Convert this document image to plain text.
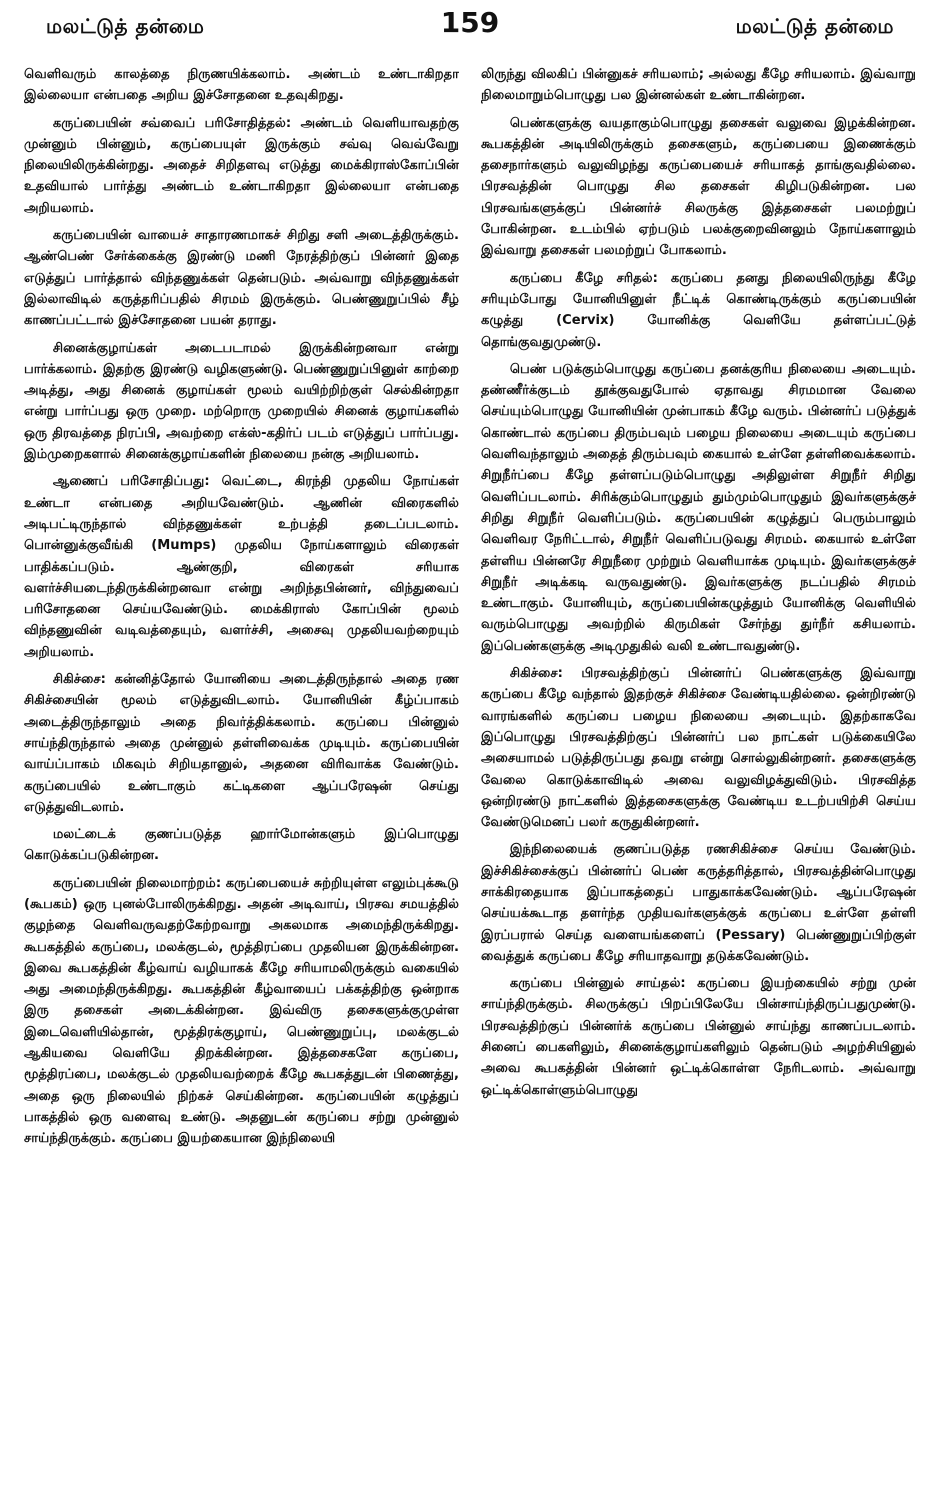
மலட்டுத் தன்மை	159	மலட்டுத் தன்மை

வெளிவரும் காலத்தை நிருணயிக்கலாம். அண்டம் உண்டாகிறதா இல்லையா என்பதை அறிய இச்சோதனை உதவுகிறது.

கருப்பையின் சவ்வைப் பரிசோதித்தல்: அண்டம் வெளியாவதற்கு முன்னும் பின்னும், கருப்பையுள் இருக்கும் சவ்வு வெவ்வேறு நிலையிலிருக்கின்றது. அதைச் சிறிதளவு எடுத்து மைக்கிராஸ்கோப்பின் உதவியால் பார்த்து அண்டம் உண்டாகிறதா இல்லையா என்பதை அறியலாம்.

கருப்பையின் வாயைச் சாதாரணமாகச் சிறிது சளி அடைத்திருக்கும். ஆண்பெண் சேர்க்கைக்கு இரண்டு மணி நேரத்திற்குப் பின்னர் இதை எடுத்துப் பார்த்தால் விந்தணுக்கள் தென்படும். அவ்வாறு விந்தணுக்கள் இல்லாவிடில் கருத்தரிப்பதில் சிரமம் இருக்கும். பெண்ணுறுப்பில் சீழ் காணப்பட்டால் இச்சோதனை பயன் தராது.

சினைக்குழாய்கள் அடைபடாமல் இருக்கின்றனவா என்று பார்க்கலாம். இதற்கு இரண்டு வழிகளுண்டு. பெண்ணுறுப்பினுள் காற்றை அடித்து, அது சினைக் குழாய்கள் மூலம் வயிற்றிற்குள் செல்கின்றதா என்று பார்ப்பது ஒரு முறை. மற்றொரு முறையில் சினைக் குழாய்களில் ஒரு திரவத்தை நிரப்பி, அவற்றை எக்ஸ்-கதிர்ப் படம் எடுத்துப் பார்ப்பது. இம்முறைகளால் சினைக்குழாய்களின் நிலையை நன்கு அறியலாம்.

ஆணைப் பரிசோதிப்பது: வெட்டை, கிரந்தி முதலிய நோய்கள் உண்டா என்பதை அறியவேண்டும். ஆணின் விரைகளில் அடிபட்டிருந்தால் விந்தணுக்கள் உற்பத்தி தடைப்படலாம். பொன்னுக்குவீங்கி (Mumps) முதலிய நோய்களாலும் விரைகள் பாதிக்கப்படும். ஆண்குறி, விரைகள் சரியாக வளர்ச்சியடைந்திருக்கின்றனவா என்று அறிந்தபின்னர், விந்துவைப் பரிசோதனை செய்யவேண்டும். மைக்கிராஸ் கோப்பின் மூலம் விந்தணுவின் வடிவத்தையும், வளர்ச்சி, அசைவு முதலியவற்றையும் அறியலாம்.

சிகிச்சை: கன்னித்தோல் யோனியை அடைத்திருந்தால் அதை ரண சிகிச்சையின் மூலம் எடுத்துவிடலாம். யோனியின் கீழ்ப்பாகம் அடைத்திருந்தாலும் அதை நிவர்த்திக்கலாம். கருப்பை பின்னுல் சாய்ந்திருந்தால் அதை முன்னுல் தள்ளிவைக்க முடியும். கருப்பையின் வாய்ப்பாகம் மிகவும் சிறியதானுல், அதனை விரிவாக்க வேண்டும். கருப்பையில் உண்டாகும் கட்டிகளை ஆப்பரேஷன் செய்து எடுத்துவிடலாம்.

மலட்டைக் குணப்படுத்த ஹார்மோன்களும் இப்பொழுது கொடுக்கப்படுகின்றன.

கருப்பையின் நிலைமாற்றம்: கருப்பையைச் சுற்றியுள்ள எலும்புக்கூடு (கூபகம்) ஒரு புனல்போலிருக்கிறது. அதன் அடிவாய், பிரசவ சமயத்தில் குழந்தை வெளிவருவதற்கேற்றவாறு அகலமாக அமைந்திருக்கிறது. கூபகத்தில் கருப்பை, மலக்குடல், மூத்திரப்பை முதலியன இருக்கின்றன. இவை கூபகத்தின் கீழ்வாய் வழியாகக் கீழே சரியாமலிருக்கும் வகையில் அது அமைந்திருக்கிறது. கூபகத்தின் கீழ்வாயைப் பக்கத்திற்கு ஒன்றாக இரு தசைகள் அடைக்கின்றன. இவ்விரு தசைகளுக்குமுள்ள இடைவெளியில்தான், மூத்திரக்குழாய், பெண்ணுறுப்பு, மலக்குடல் ஆகியவை வெளியே திறக்கின்றன. இத்தசைகளே கருப்பை, மூத்திரப்பை, மலக்குடல் முதலியவற்றைக் கீழே கூபகத்துடன் பிணைத்து, அதை ஒரு நிலையில் நிற்கச் செய்கின்றன. கருப்பையின் கழுத்துப் பாகத்தில் ஒரு வளைவு உண்டு. அதனுடன் கருப்பை சற்று முன்னுல் சாய்ந்திருக்கும். கருப்பை இயற்கையான இந்நிலையி

லிருந்து விலகிப் பின்னுகச் சரியலாம்; அல்லது கீழே சரியலாம். இவ்வாறு நிலைமாறும்பொழுது பல இன்னல்கள் உண்டாகின்றன.

பெண்களுக்கு வயதாகும்பொழுது தசைகள் வலுவை இழக்கின்றன. கூபகத்தின் அடியிலிருக்கும் தசைகளும், கருப்பையை இணைக்கும் தசைநார்களும் வலுவிழந்து கருப்பையைச் சரியாகத் தாங்குவதில்லை. பிரசவத்தின் பொழுது சில தசைகள் கிழிபடுகின்றன. பல பிரசவங்களுக்குப் பின்னர்ச் சிலருக்கு இத்தசைகள் பலமற்றுப் போகின்றன. உடம்பில் ஏற்படும் பலக்குறைவினலும் நோய்களாலும் இவ்வாறு தசைகள் பலமற்றுப் போகலாம்.

கருப்பை கீழே சரிதல்: கருப்பை தனது நிலையிலிருந்து கீழே சரியும்போது யோனியினுள் நீட்டிக் கொண்டிருக்கும் கருப்பையின் கழுத்து (Cervix) யோனிக்கு வெளியே தள்ளப்பட்டுத் தொங்குவதுமுண்டு.

பெண் படுக்கும்பொழுது கருப்பை தனக்குரிய நிலையை அடையும். தண்ணீர்க்குடம் தூக்குவதுபோல் ஏதாவது சிரமமான வேலை செய்யும்பொழுது யோனியின் முன்பாகம் கீழே வரும். பின்னர்ப் படுத்துக் கொண்டால் கருப்பை திரும்பவும் பழைய நிலையை அடையும் கருப்பை வெளிவந்தாலும் அதைத் திரும்பவும் கையால் உள்ளே தள்ளிவைக்கலாம். சிறுநீர்ப்பை கீழே தள்ளப்படும்பொழுது அதிலுள்ள சிறுநீர் சிறிது வெளிப்படலாம். சிரிக்கும்பொழுதும் தும்மும்பொழுதும் இவர்களுக்குச் சிறிது சிறுநீர் வெளிப்படும். கருப்பையின் கழுத்துப் பெரும்பாலும் வெளிவர நேரிட்டால், சிறுநீர் வெளிப்படுவது சிரமம். கையால் உள்ளே தள்ளிய பின்னரே சிறுநீரை முற்றும் வெளியாக்க முடியும். இவர்களுக்குச் சிறுநீர் அடிக்கடி வருவதுண்டு. இவர்களுக்கு நடப்பதில் சிரமம் உண்டாகும். யோனியும், கருப்பையின்கழுத்தும் யோனிக்கு வெளியில் வரும்பொழுது அவற்றில் கிருமிகள் சேர்ந்து துர்நீர் கசியலாம். இப்பெண்களுக்கு அடிமுதுகில் வலி உண்டாவதுண்டு.

சிகிச்சை: பிரசவத்திற்குப் பின்னர்ப் பெண்களுக்கு இவ்வாறு கருப்பை கீழே வந்தால் இதற்குச் சிகிச்சை வேண்டியதில்லை. ஒன்றிரண்டு வாரங்களில் கருப்பை பழைய நிலையை அடையும். இதற்காகவே இப்பொழுது பிரசவத்திற்குப் பின்னர்ப் பல நாட்கள் படுக்கையிலே அசையாமல் படுத்திருப்பது தவறு என்று சொல்லுகின்றனர். தசைகளுக்கு வேலை கொடுக்காவிடில் அவை வலுவிழக்துவிடும். பிரசவித்த ஒன்றிரண்டு நாட்களில் இத்தசைகளுக்கு வேண்டிய உடற்பயிற்சி செய்ய வேண்டுமெனப் பலர் கருதுகின்றனர்.

இந்நிலையைக் குணப்படுத்த ரணசிகிச்சை செய்ய வேண்டும். இச்சிகிச்சைக்குப் பின்னர்ப் பெண் கருத்தரித்தால், பிரசவத்தின்பொழுது சாக்கிரதையாக இப்பாகத்தைப் பாதுகாக்கவேண்டும். ஆப்பரேஷன் செய்யக்கூடாத தளர்ந்த முதியவர்களுக்குக் கருப்பை உள்ளே தள்ளி இரப்பரால் செய்த வளையங்களைப் (Pessary) பெண்ணுறுப்பிற்குள் வைத்துக் கருப்பை கீழே சரியாதவாறு தடுக்கவேண்டும்.

கருப்பை பின்னுல் சாய்தல்: கருப்பை இயற்கையில் சற்று முன் சாய்ந்திருக்கும். சிலருக்குப் பிறப்பிலேயே பின்சாய்ந்திருப்பதுமுண்டு. பிரசவத்திற்குப் பின்னர்க் கருப்பை பின்னுல் சாய்ந்து காணப்படலாம். சினைப் பைகளிலும், சினைக்குழாய்களிலும் தென்படும் அழற்சியினுல் அவை கூபகத்தின் பின்னர் ஒட்டிக்கொள்ள நேரிடலாம். அவ்வாறு ஒட்டிக்கொள்ளும்பொழுது
